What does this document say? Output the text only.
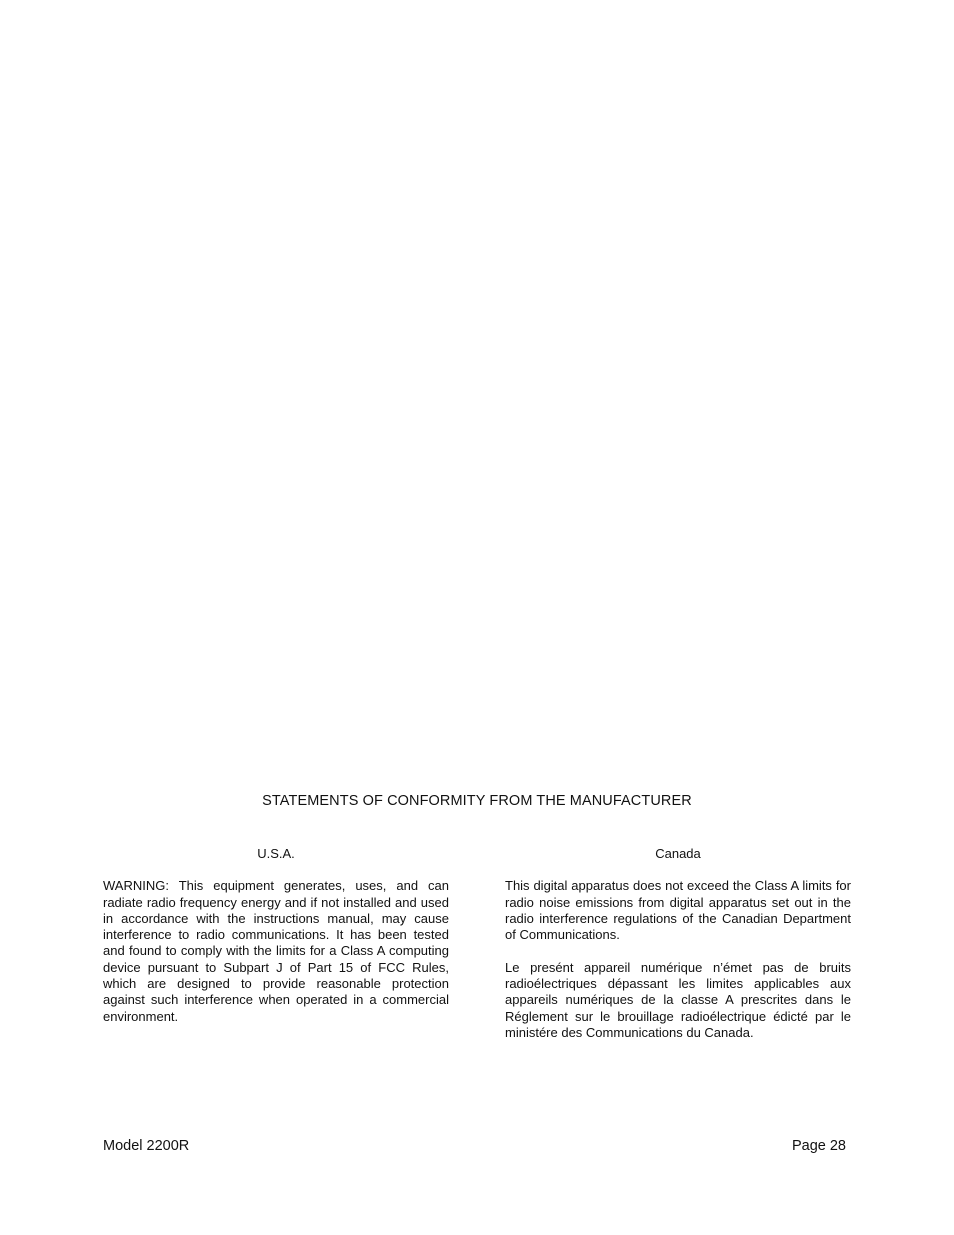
STATEMENTS OF CONFORMITY FROM THE MANUFACTURER
U.S.A.

WARNING: This equipment generates, uses, and can radiate radio frequency energy and if not installed and used in accordance with the instructions manual, may cause interference to radio communications. It has been tested and found to comply with the limits for a Class A computing device pursuant to Subpart J of Part 15 of FCC Rules, which are designed to provide reasonable protection against such interference when operated in a commercial environment.

Canada

This digital apparatus does not exceed the Class A limits for radio noise emissions from digital apparatus set out in the radio interference regulations of the Canadian Department of Communications.

Le presént appareil numérique n’émet pas de bruits radioélectriques dépassant les limites applicables aux appareils numériques de la classe A prescrites dans le Réglement sur le brouillage radioélectrique édicté par le ministére des Communications du Canada.

Model 2200R	Page 28
